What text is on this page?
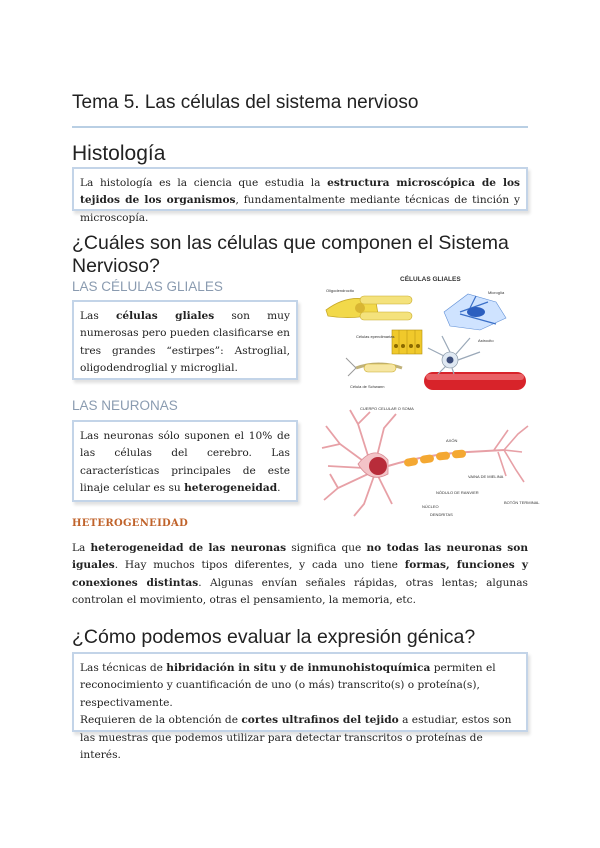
Tema 5. Las células del sistema nervioso
Histología
La histología es la ciencia que estudia la estructura microscópica de los tejidos de los organismos, fundamentalmente mediante técnicas de tinción y microscopía.
¿Cuáles son las células que componen el Sistema Nervioso?
LAS CÉLULAS GLIALES
Las células gliales son muy numerosas pero pueden clasificarse en tres grandes “estirpes”: Astroglial, oligodendroglial y microglial.
LAS NEURONAS
Las neuronas sólo suponen el 10% de las células del cerebro. Las características principales de este linaje celular es su heterogeneidad.
CÉLULAS GLIALES
Oligodendrocito	Microglía
Células ependimarias
Astrocito
Célula de Schwann
CUERPO CELULAR O SOMA
AXÓN
VAINA DE MIELINA
NÓDULO DE RANVIER
NÚCLEO
DENDRITAS
BOTÓN TERMINAL
HETEROGENEIDAD

La heterogeneidad de las neuronas significa que no todas las neuronas son iguales. Hay muchos tipos diferentes, y cada uno tiene formas, funciones y conexiones distintas. Algunas envían señales rápidas, otras lentas; algunas controlan el movimiento, otras el pensamiento, la memoria, etc.

¿Cómo podemos evaluar la expresión génica?

Las técnicas de hibridación in situ y de inmunohistoquímica permiten el reconocimiento y cuantificación de uno (o más) transcrito(s) o proteína(s), respectivamente.

Requieren de la obtención de cortes ultrafinos del tejido a estudiar, estos son las muestras que podemos utilizar para detectar transcritos o proteínas de interés.
